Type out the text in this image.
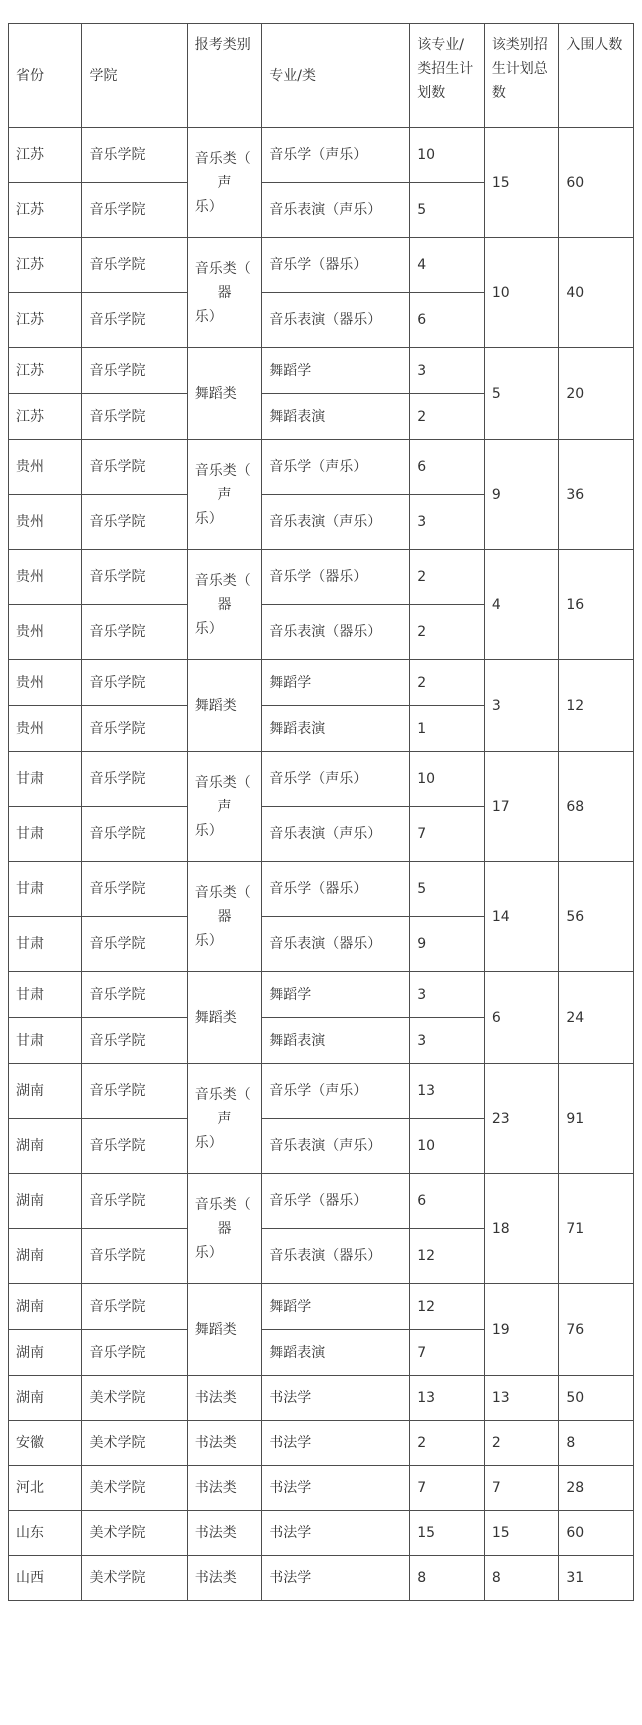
省份	学院	报考类别	专业/类	该专业/类招生计划数	该类别招生计划总数	入围人数
江苏	音乐学院	音乐类（
声
乐）	音乐学（声乐）	10	15	60
江苏	音乐学院		音乐表演（声乐）	5		
江苏	音乐学院	音乐类（
器
乐）	音乐学（器乐）	4	10	40
江苏	音乐学院		音乐表演（器乐）	6		
江苏	音乐学院	舞蹈类	舞蹈学	3	5	20
江苏	音乐学院		舞蹈表演	2		
贵州	音乐学院	音乐类（
声
乐）	音乐学（声乐）	6	9	36
贵州	音乐学院		音乐表演（声乐）	3		
贵州	音乐学院	音乐类（
器
乐）	音乐学（器乐）	2	4	16
贵州	音乐学院		音乐表演（器乐）	2		
贵州	音乐学院	舞蹈类	舞蹈学	2	3	12
贵州	音乐学院		舞蹈表演	1		
甘肃	音乐学院	音乐类（
声
乐）	音乐学（声乐）	10	17	68
甘肃	音乐学院		音乐表演（声乐）	7		
甘肃	音乐学院	音乐类（
器
乐）	音乐学（器乐）	5	14	56
甘肃	音乐学院		音乐表演（器乐）	9		
甘肃	音乐学院	舞蹈类	舞蹈学	3	6	24
甘肃	音乐学院		舞蹈表演	3		
湖南	音乐学院	音乐类（
声
乐）	音乐学（声乐）	13	23	91
湖南	音乐学院		音乐表演（声乐）	10		
湖南	音乐学院	音乐类（
器
乐）	音乐学（器乐）	6	18	71
湖南	音乐学院		音乐表演（器乐）	12		
湖南	音乐学院	舞蹈类	舞蹈学	12	19	76
湖南	音乐学院		舞蹈表演	7		
湖南	美术学院	书法类	书法学	13	13	50
安徽	美术学院	书法类	书法学	2	2	8
河北	美术学院	书法类	书法学	7	7	28
山东	美术学院	书法类	书法学	15	15	60
山西	美术学院	书法类	书法学	8	8	31
